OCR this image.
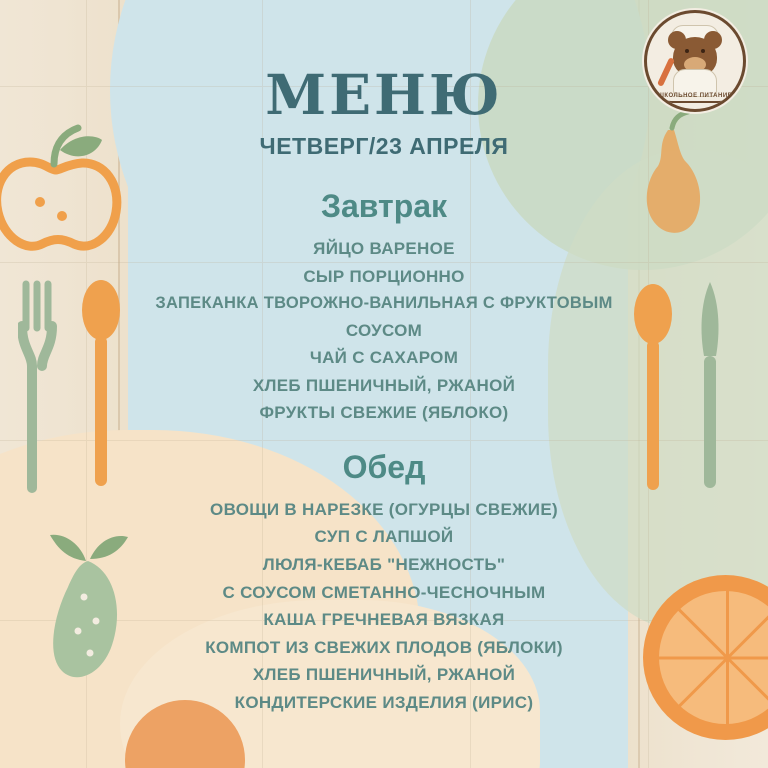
ШКОЛЬНОЕ ПИТАНИЕ
МЕНЮ
ЧЕТВЕРГ/23 АПРЕЛЯ
Завтрак
ЯЙЦО ВАРЕНОЕ
СЫР ПОРЦИОННО
ЗАПЕКАНКА ТВОРОЖНО-ВАНИЛЬНАЯ С ФРУКТОВЫМ
СОУСОМ
ЧАЙ С САХАРОМ
ХЛЕБ ПШЕНИЧНЫЙ, РЖАНОЙ
ФРУКТЫ СВЕЖИЕ (ЯБЛОКО)
Обед
ОВОЩИ В НАРЕЗКЕ (ОГУРЦЫ СВЕЖИЕ)
СУП С ЛАПШОЙ
ЛЮЛЯ-КЕБАБ "НЕЖНОСТЬ"
С СОУСОМ СМЕТАННО-ЧЕСНОЧНЫМ
КАША ГРЕЧНЕВАЯ ВЯЗКАЯ
КОМПОТ ИЗ СВЕЖИХ ПЛОДОВ (ЯБЛОКИ)
ХЛЕБ ПШЕНИЧНЫЙ, РЖАНОЙ
КОНДИТЕРСКИЕ ИЗДЕЛИЯ (ИРИС)
